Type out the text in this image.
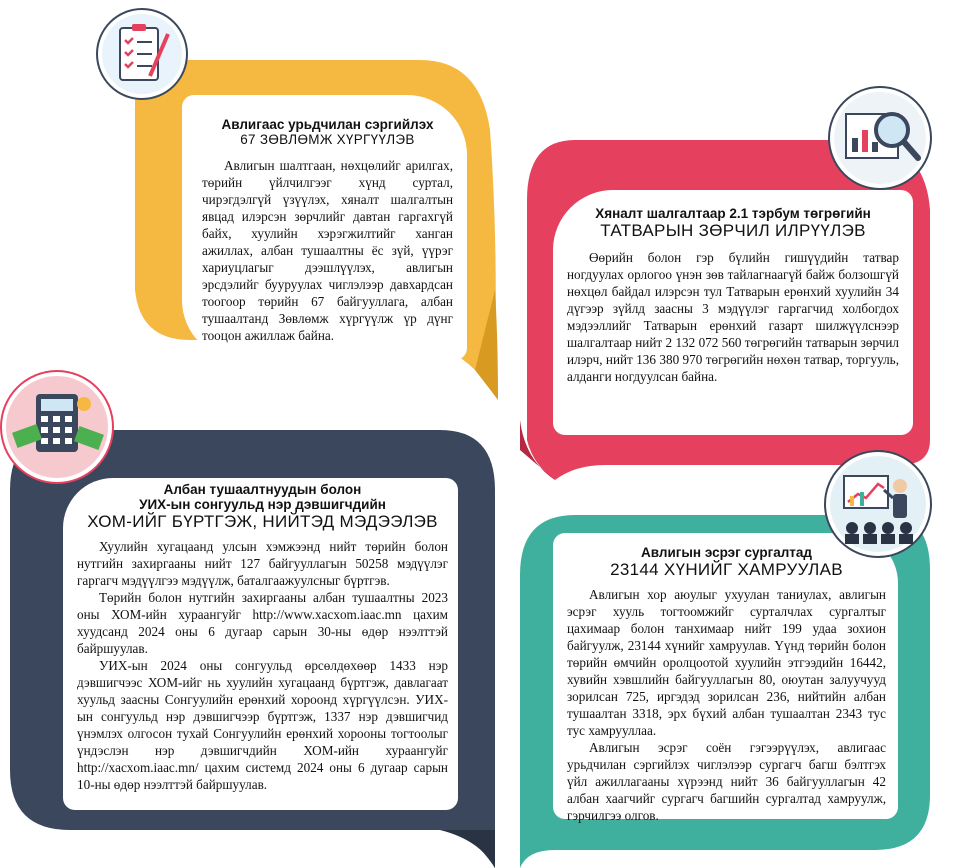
Авлигаас урьдчилан сэргийлэх

67 ЗӨВЛӨМЖ ХҮРГҮҮЛЭВ

Авлигын шалтгаан, нөхцөлийг арилгах, төрийн үйлчилгээг хүнд суртал, чирэгдэлгүй үзүүлэх, хяналт шалгалтын явцад илэрсэн зөрчлийг давтан гаргахгүй байх, хуулийн хэрэгжилтийг ханган ажиллах, албан тушаалтны ёс зүй, үүрэг хариуцлагыг дээшлүүлэх, авлигын эрсдэлийг бууруулах чиглэлээр давхардсан тоогоор төрийн 67 байгууллага, албан тушаалтанд Зөвлөмж хүргүүлж үр дүнг тооцон ажиллаж байна.

Хяналт шалгалтаар 2.1 тэрбум төгрөгийн

ТАТВАРЫН ЗӨРЧИЛ ИЛРҮҮЛЭВ

Өөрийн болон гэр бүлийн гишүүдийн татвар ногдуулах орлогоо үнэн зөв тайлагнаагүй байж болзошгүй нөхцөл байдал илэрсэн тул Татварын ерөнхий хуулийн 34 дүгээр зүйлд заасны 3 мэдүүлэг гаргагчид холбогдох мэдээллийг Татварын ерөнхий газарт шилжүүлснээр шалгалтаар нийт 2 132 072 560 төгрөгийн татварын зөрчил илэрч, нийт 136 380 970 төгрөгийн нөхөн татвар, торгууль, алданги ногдуулсан байна.

Албан тушаалтнуудын болон

УИХ-ын сонгуульд нэр дэвшигчдийн

ХОМ-ИЙГ БҮРТГЭЖ, НИЙТЭД МЭДЭЭЛЭВ

Хуулийн хугацаанд улсын хэмжээнд нийт төрийн болон нутгийн захиргааны нийт 127 байгууллагын 50258 мэдүүлэг гаргагч мэдүүлгээ мэдүүлж, баталгаажуулсныг бүртгэв.

Төрийн болон нутгийн захиргааны албан тушаалтны 2023 оны ХОМ-ийн хураангуйг http://www.xacxom.iaac.mn цахим хуудсанд 2024 оны 6 дугаар сарын 30-ны өдөр нээлттэй байршуулав.

УИХ-ын 2024 оны сонгуульд өрсөлдөхөөр 1433 нэр дэвшигчээс ХОМ-ийг нь хуулийн хугацаанд бүртгэж, давлагаат хуульд заасны Сонгуулийн ерөнхий хороонд хүргүүлсэн. УИХ-ын сонгуульд нэр дэвшигчээр бүртгэж, 1337 нэр дэвшигчид үнэмлэх олгосон тухай Сонгуулийн ерөнхий хорооны тогтоолыг үндэслэн нэр дэвшигчдийн ХОМ-ийн хураангуйг http://xacxom.iaac.mn/ цахим системд 2024 оны 6 дугаар сарын 10-ны өдөр нээлттэй байршуулав.

Авлигын эсрэг сургалтад

23144 ХҮНИЙГ ХАМРУУЛАВ

Авлигын хор аюулыг ухуулан таниулах, авлигын эсрэг хууль тогтоомжийг сурталчлах сургалтыг цахимаар болон танхимаар нийт 199 удаа зохион байгуулж, 23144 хүнийг хамруулав. Үүнд төрийн болон төрийн өмчийн оролцоотой хуулийн этгээдийн 16442, хувийн хэвшлийн байгууллагын 80, оюутан залуучууд зорилсан 725, иргэдэд зорилсан 236, нийтийн албан тушаалтан 3318, эрх бүхий албан тушаалтан 2343 тус тус хамрууллаа.

Авлигын эсрэг соён гэгээрүүлэх, авлигаас урьдчилан сэргийлэх чиглэлээр сургагч багш бэлтгэх үйл ажиллагааны хүрээнд нийт 36 байгууллагын 42 албан хаагчийг сургагч багшийн сургалтад хамруулж, гэрчилгээ олгов.
